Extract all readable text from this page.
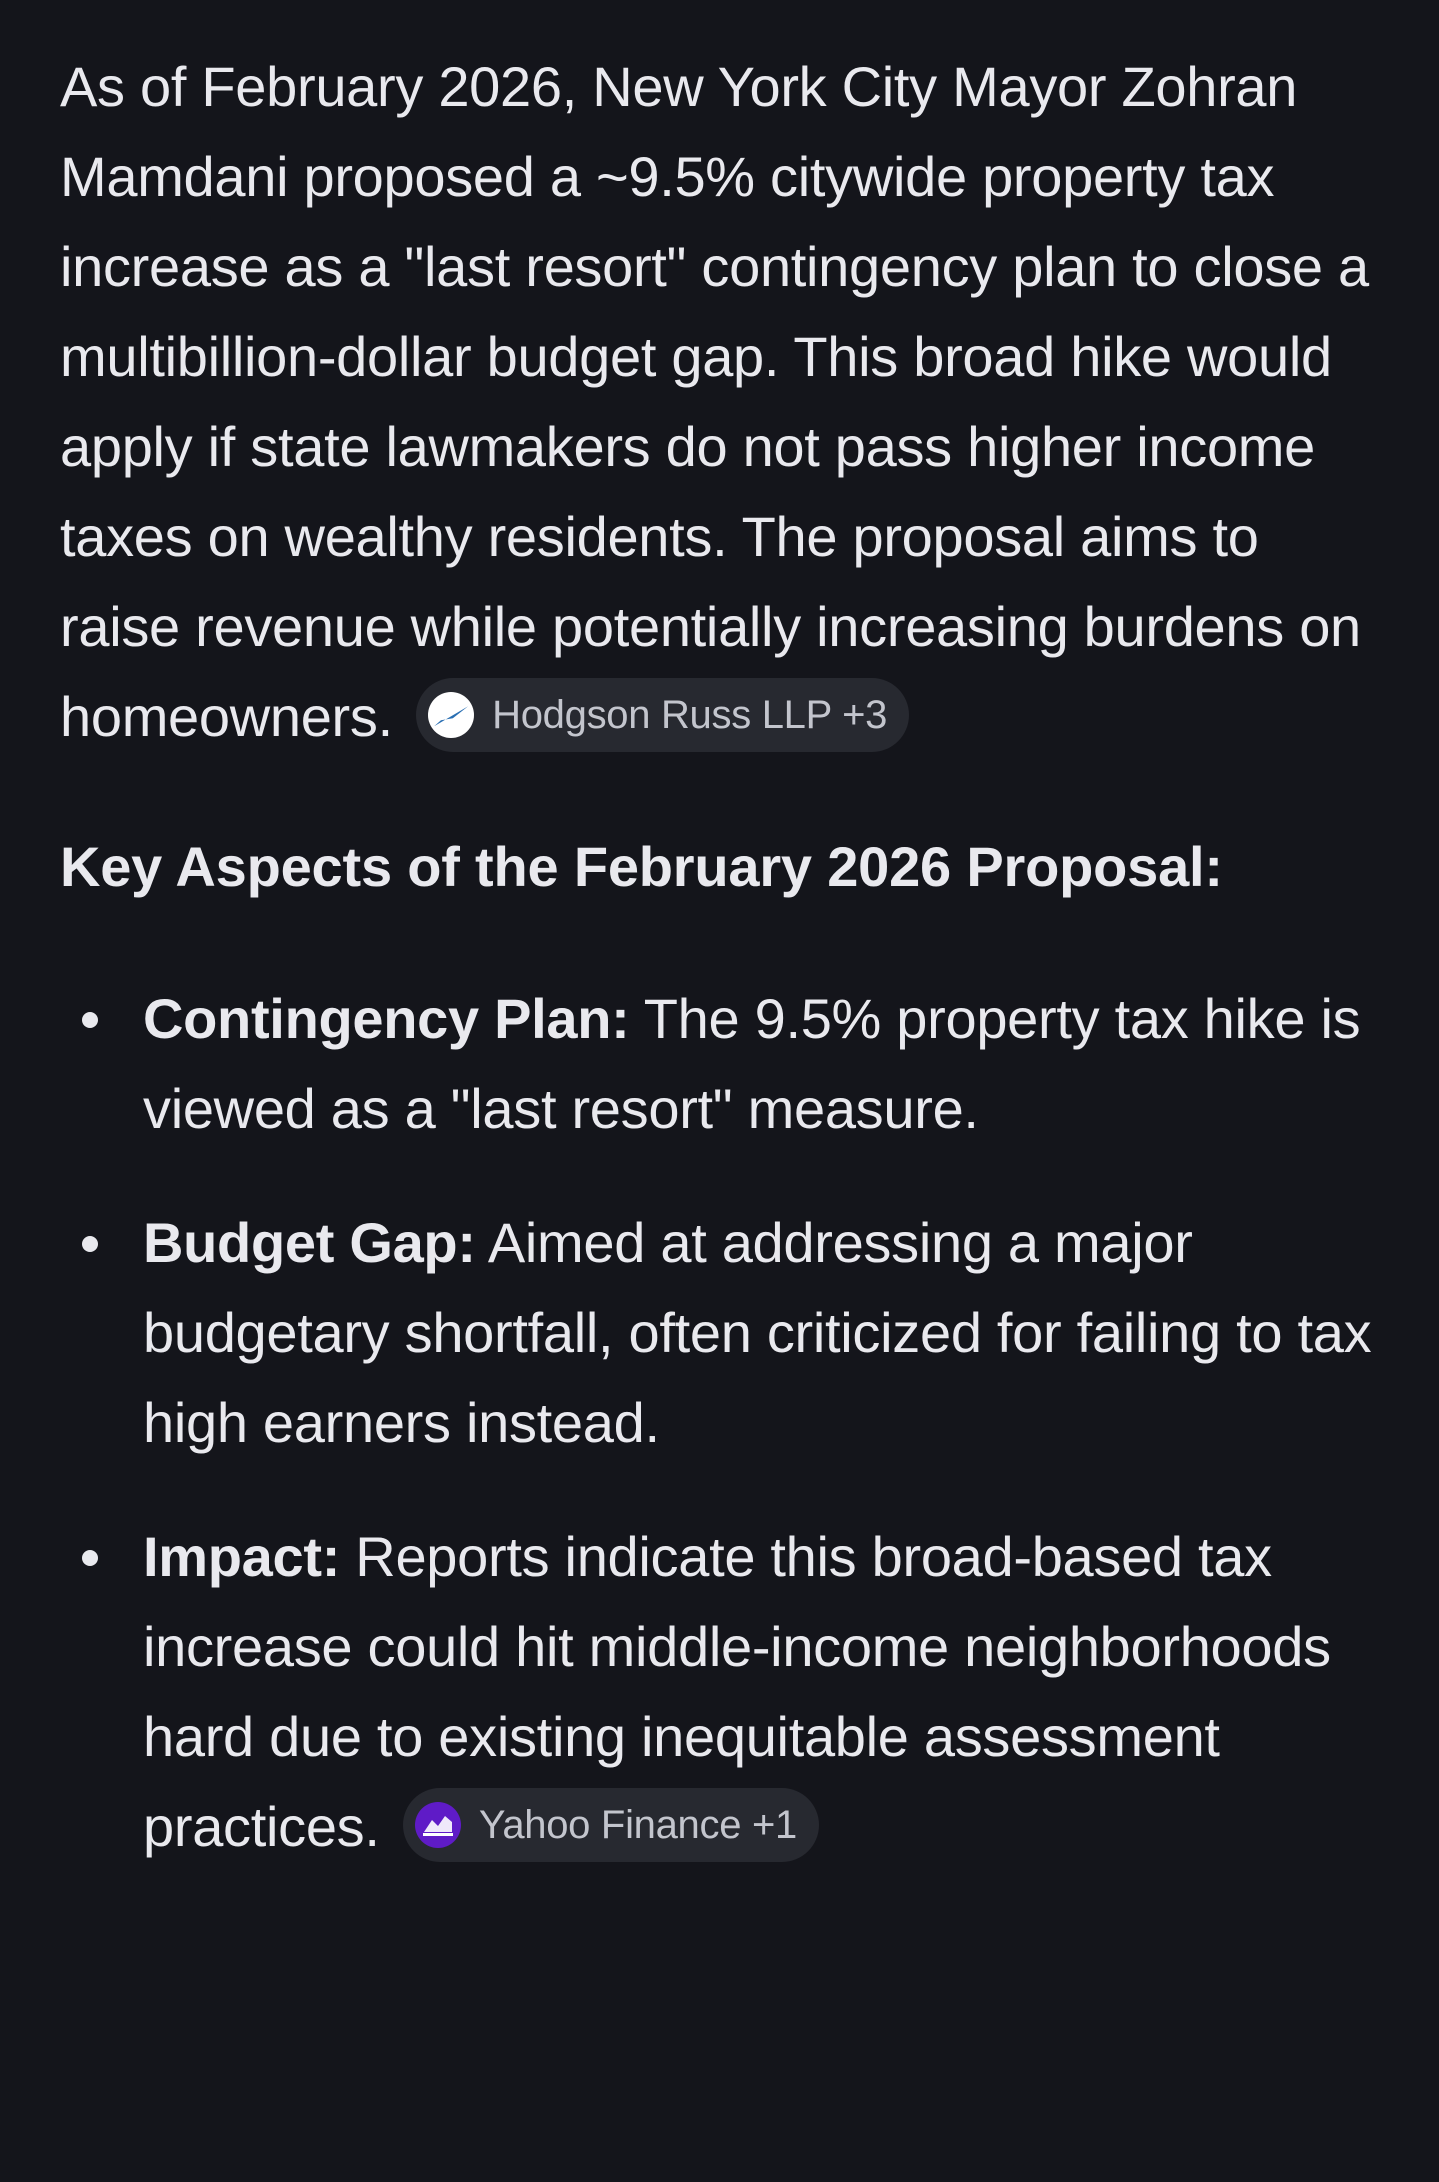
As of February 2026, New York City Mayor Zohran Mamdani proposed a ~9.5% citywide property tax increase as a "last resort" contingency plan to close a multibillion-dollar budget gap. This broad hike would apply if state lawmakers do not pass higher income taxes on wealthy residents. The proposal aims to raise revenue while potentially increasing burdens on homeowners. Hodgson Russ LLP +3

Key Aspects of the February 2026 Proposal:
Contingency Plan: The 9.5% property tax hike is viewed as a "last resort" measure.
Budget Gap: Aimed at addressing a major budgetary shortfall, often criticized for failing to tax high earners instead.
Impact: Reports indicate this broad-based tax increase could hit middle-income neighborhoods hard due to existing inequitable assessment practices. Yahoo Finance +1
